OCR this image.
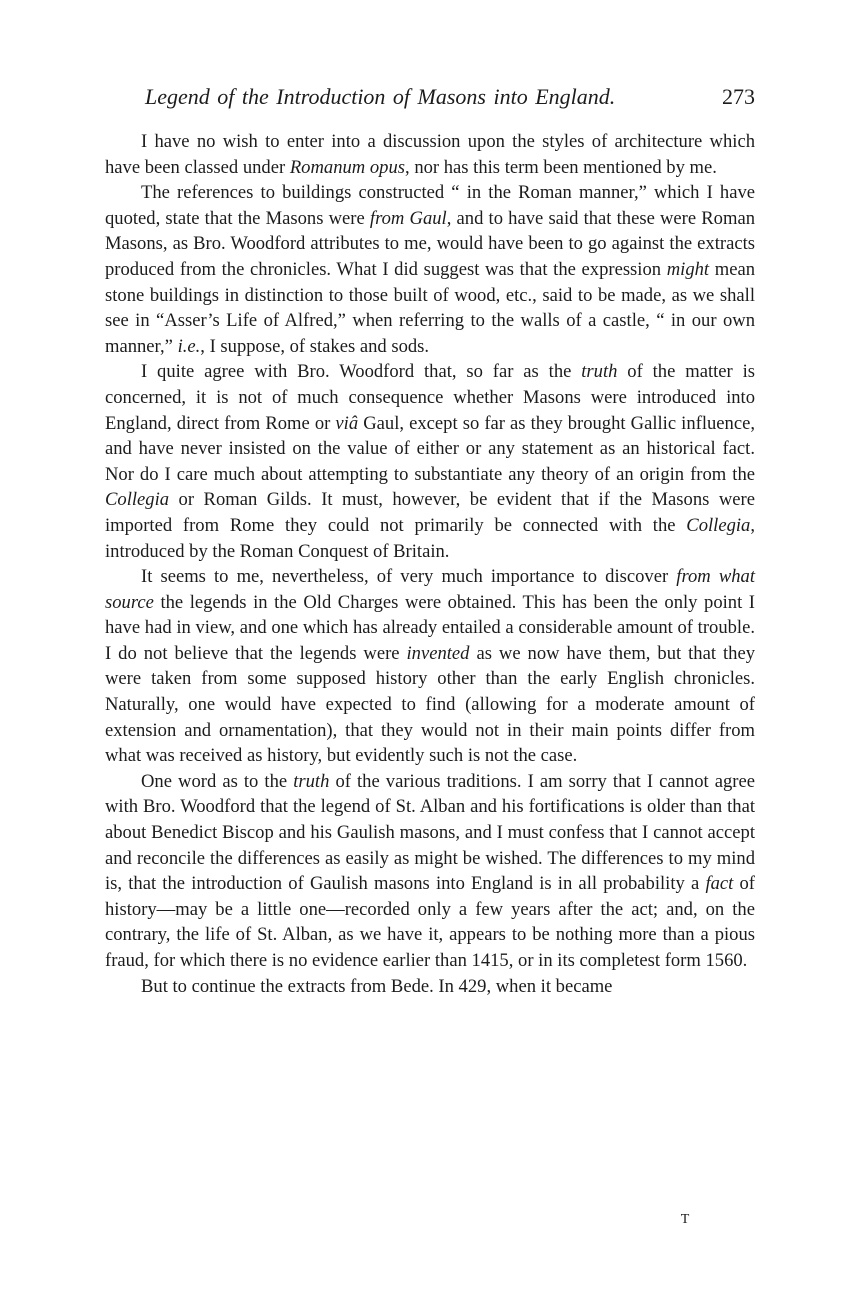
Legend of the Introduction of Masons into England.	273

I have no wish to enter into a discussion upon the styles of architecture which have been classed under Romanum opus, nor has this term been mentioned by me.

The references to buildings constructed “ in the Roman manner,” which I have quoted, state that the Masons were from Gaul, and to have said that these were Roman Masons, as Bro. Woodford attributes to me, would have been to go against the extracts produced from the chronicles. What I did suggest was that the expression might mean stone buildings in distinction to those built of wood, etc., said to be made, as we shall see in “Asser’s Life of Alfred,” when referring to the walls of a castle, “ in our own manner,” i.e., I suppose, of stakes and sods.

I quite agree with Bro. Woodford that, so far as the truth of the matter is concerned, it is not of much consequence whether Masons were introduced into England, direct from Rome or viâ Gaul, except so far as they brought Gallic influence, and have never insisted on the value of either or any statement as an historical fact. Nor do I care much about attempting to substantiate any theory of an origin from the Collegia or Roman Gilds. It must, however, be evident that if the Masons were imported from Rome they could not primarily be connected with the Collegia, introduced by the Roman Conquest of Britain.

It seems to me, nevertheless, of very much importance to discover from what source the legends in the Old Charges were obtained. This has been the only point I have had in view, and one which has already entailed a considerable amount of trouble. I do not believe that the legends were invented as we now have them, but that they were taken from some supposed history other than the early English chronicles. Naturally, one would have expected to find (allowing for a moderate amount of extension and ornamentation), that they would not in their main points differ from what was received as history, but evidently such is not the case.

One word as to the truth of the various traditions. I am sorry that I cannot agree with Bro. Woodford that the legend of St. Alban and his fortifications is older than that about Benedict Biscop and his Gaulish masons, and I must confess that I cannot accept and reconcile the differences as easily as might be wished. The differences to my mind is, that the introduction of Gaulish masons into England is in all probability a fact of history—may be a little one—recorded only a few years after the act; and, on the contrary, the life of St. Alban, as we have it, appears to be nothing more than a pious fraud, for which there is no evidence earlier than 1415, or in its completest form 1560.

But to continue the extracts from Bede. In 429, when it became

T
